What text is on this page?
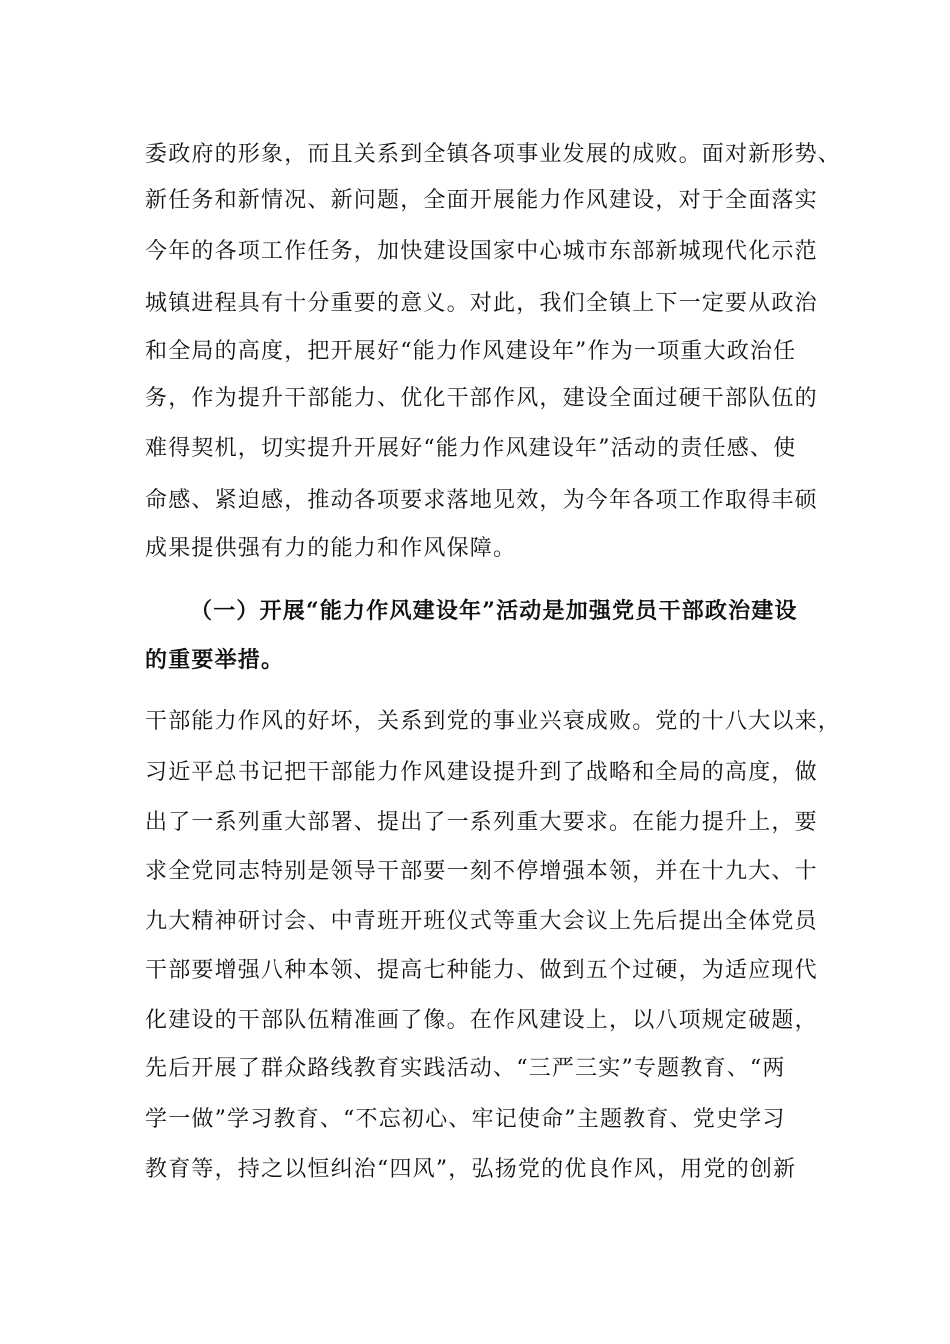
委政府的形象，而且关系到全镇各项事业发展的成败。面对新形势、
新任务和新情况、新问题，全面开展能力作风建设，对于全面落实
今年的各项工作任务，加快建设国家中心城市东部新城现代化示范
城镇进程具有十分重要的意义。对此，我们全镇上下一定要从政治
和全局的高度，把开展好“能力作风建设年”作为一项重大政治任
务，作为提升干部能力、优化干部作风，建设全面过硬干部队伍的
难得契机，切实提升开展好“能力作风建设年”活动的责任感、使
命感、紧迫感，推动各项要求落地见效，为今年各项工作取得丰硕
成果提供强有力的能力和作风保障。
（一）开展“能力作风建设年”活动是加强党员干部政治建设
的重要举措。
干部能力作风的好坏，关系到党的事业兴衰成败。党的十八大以来，
习近平总书记把干部能力作风建设提升到了战略和全局的高度，做
出了一系列重大部署、提出了一系列重大要求。在能力提升上，要
求全党同志特别是领导干部要一刻不停增强本领，并在十九大、十
九大精神研讨会、中青班开班仪式等重大会议上先后提出全体党员
干部要增强八种本领、提高七种能力、做到五个过硬，为适应现代
化建设的干部队伍精准画了像。在作风建设上，以八项规定破题，
先后开展了群众路线教育实践活动、“三严三实”专题教育、“两
学一做”学习教育、“不忘初心、牢记使命”主题教育、党史学习
教育等，持之以恒纠治“四风”，弘扬党的优良作风，用党的创新
